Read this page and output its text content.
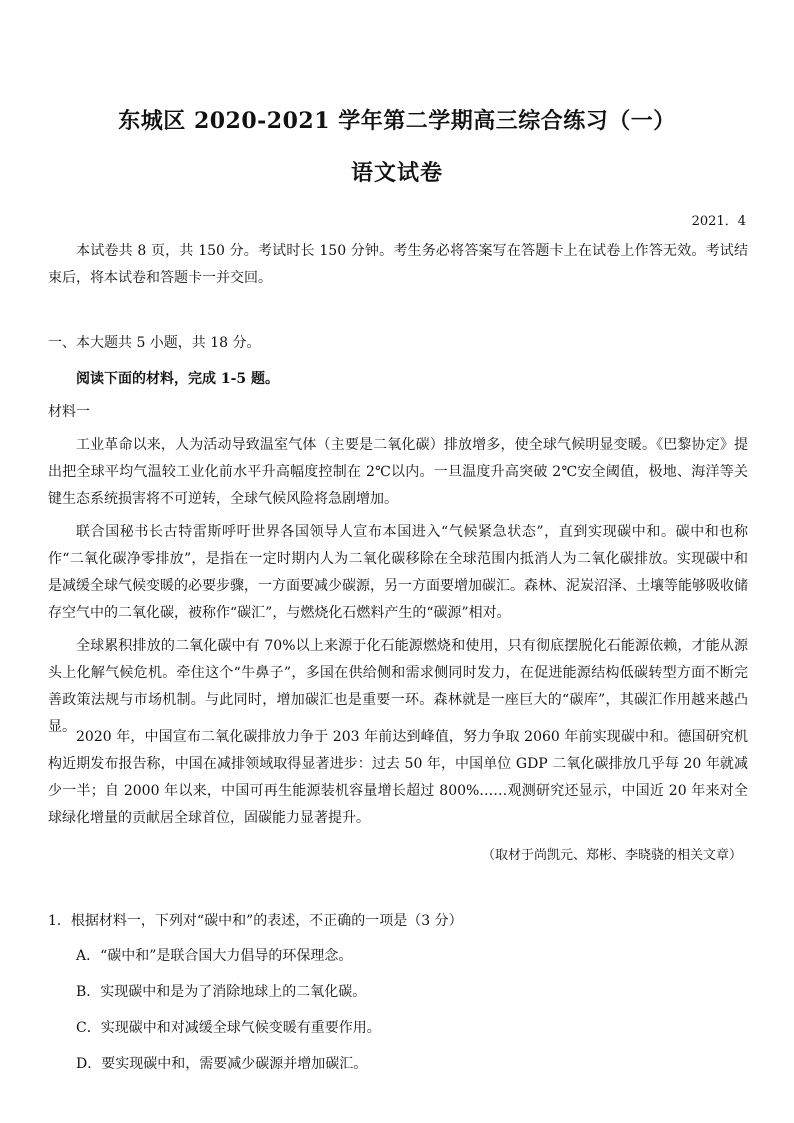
东城区 2020-2021 学年第二学期高三综合练习（一）
语文试卷
2021．4
本试卷共 8 页，共 150 分。考试时长 150 分钟。考生务必将答案写在答题卡上在试卷上作答无效。考试结束后，将本试卷和答题卡一并交回。
一、本大题共 5 小题，共 18 分。
阅读下面的材料，完成 1-5 题。
材料一
工业革命以来，人为活动导致温室气体（主要是二氧化碳）排放增多，使全球气候明显变暖。《巴黎协定》提出把全球平均气温较工业化前水平升高幅度控制在 2℃以内。一旦温度升高突破 2℃安全阈值，极地、海洋等关键生态系统损害将不可逆转，全球气候风险将急剧增加。
联合国秘书长古特雷斯呼吁世界各国领导人宣布本国进入“气候紧急状态”，直到实现碳中和。碳中和也称作“二氧化碳净零排放”，是指在一定时期内人为二氧化碳移除在全球范围内抵消人为二氧化碳排放。实现碳中和是减缓全球气候变暖的必要步骤，一方面要减少碳源，另一方面要增加碳汇。森林、泥炭沼泽、土壤等能够吸收储存空气中的二氧化碳，被称作“碳汇”，与燃烧化石燃料产生的“碳源”相对。
全球累积排放的二氧化碳中有 70%以上来源于化石能源燃烧和使用，只有彻底摆脱化石能源依赖，才能从源头上化解气候危机。牵住这个“牛鼻子”，多国在供给侧和需求侧同时发力，在促进能源结构低碳转型方面不断完善政策法规与市场机制。与此同时，增加碳汇也是重要一环。森林就是一座巨大的“碳库”，其碳汇作用越来越凸显。
2020 年，中国宣布二氧化碳排放力争于 203 年前达到峰值，努力争取 2060 年前实现碳中和。德国研究机构近期发布报告称，中国在减排领域取得显著进步：过去 50 年，中国单位 GDP 二氧化碳排放几乎每 20 年就减少一半；自 2000 年以来，中国可再生能源装机容量增长超过 800%……观测研究还显示，中国近 20 年来对全球绿化增量的贡献居全球首位，固碳能力显著提升。
（取材于尚凯元、郑彬、李晓骁的相关文章）
1．根据材料一，下列对“碳中和”的表述，不正确的一项是（3 分）
A．“碳中和”是联合国大力倡导的环保理念。
B．实现碳中和是为了消除地球上的二氧化碳。
C．实现碳中和对减缓全球气候变暖有重要作用。
D．要实现碳中和，需要减少碳源并增加碳汇。
